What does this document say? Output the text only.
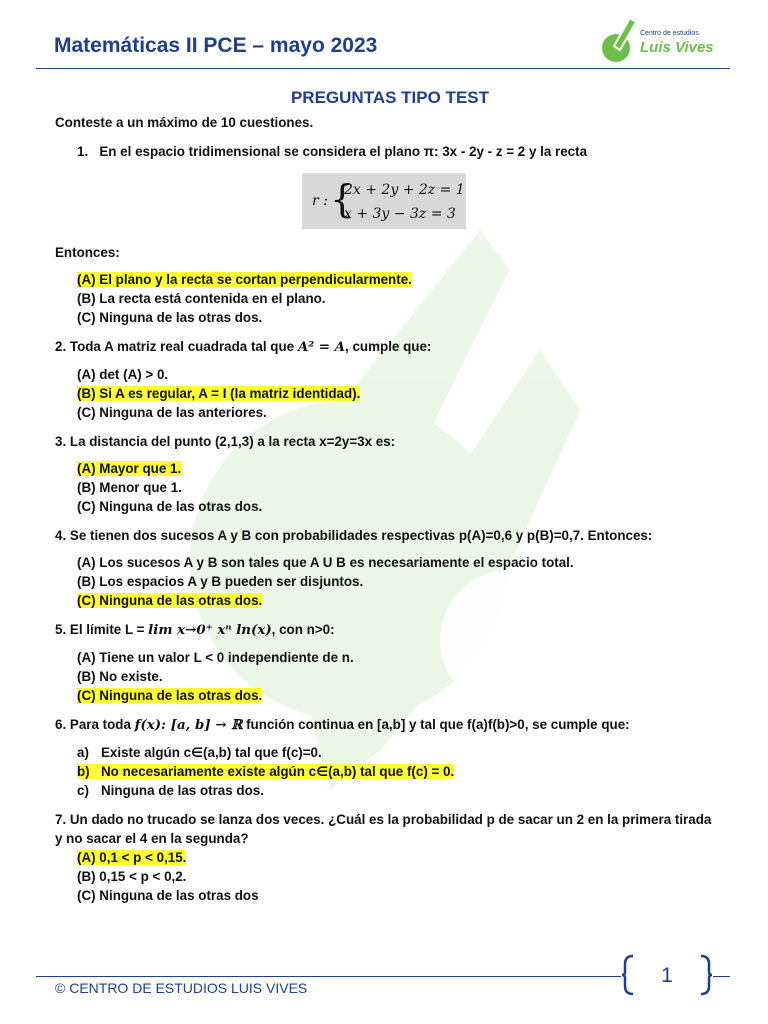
Matemáticas II PCE – mayo 2023
Centro de estudios
Luis Vives
PREGUNTAS TIPO TEST

Conteste a un máximo de 10 cuestiones.

1. En el espacio tridimensional se considera el plano π: 3x - 2y - z = 2 y la recta

r : {
2x + 2y + 2z = 1
x + 3y − 3z = 3

Entonces:

(A) El plano y la recta se cortan perpendicularmente.
(B) La recta está contenida en el plano.
(C) Ninguna de las otras dos.

2. Toda A matriz real cuadrada tal que A² = A, cumple que:

(A) det (A) > 0.
(B) Si A es regular, A = I (la matriz identidad).
(C) Ninguna de las anteriores.

3. La distancia del punto (2,1,3) a la recta x=2y=3x es:

(A) Mayor que 1.
(B) Menor que 1.
(C) Ninguna de las otras dos.

4. Se tienen dos sucesos A y B con probabilidades respectivas p(A)=0,6 y p(B)=0,7. Entonces:

(A) Los sucesos A y B son tales que A U B es necesariamente el espacio total.
(B) Los espacios A y B pueden ser disjuntos.
(C) Ninguna de las otras dos.

5. El límite L = lim x→0⁺ xⁿ ln(x), con n>0:

(A) Tiene un valor L < 0 independiente de n.
(B) No existe.
(C) Ninguna de las otras dos.

6. Para toda f(x): [a, b] → ℝ función continua en [a,b] y tal que f(a)f(b)>0, se cumple que:

a) Existe algún c∈(a,b) tal que f(c)=0.
b) No necesariamente existe algún c∈(a,b) tal que f(c) = 0.
c) Ninguna de las otras dos.

7. Un dado no trucado se lanza dos veces. ¿Cuál es la probabilidad p de sacar un 2 en la primera tirada y no sacar el 4 en la segunda?

(A) 0,1 < p < 0,15.
(B) 0,15 < p < 0,2.
(C) Ninguna de las otras dos
© CENTRO DE ESTUDIOS LUIS VIVES
1
